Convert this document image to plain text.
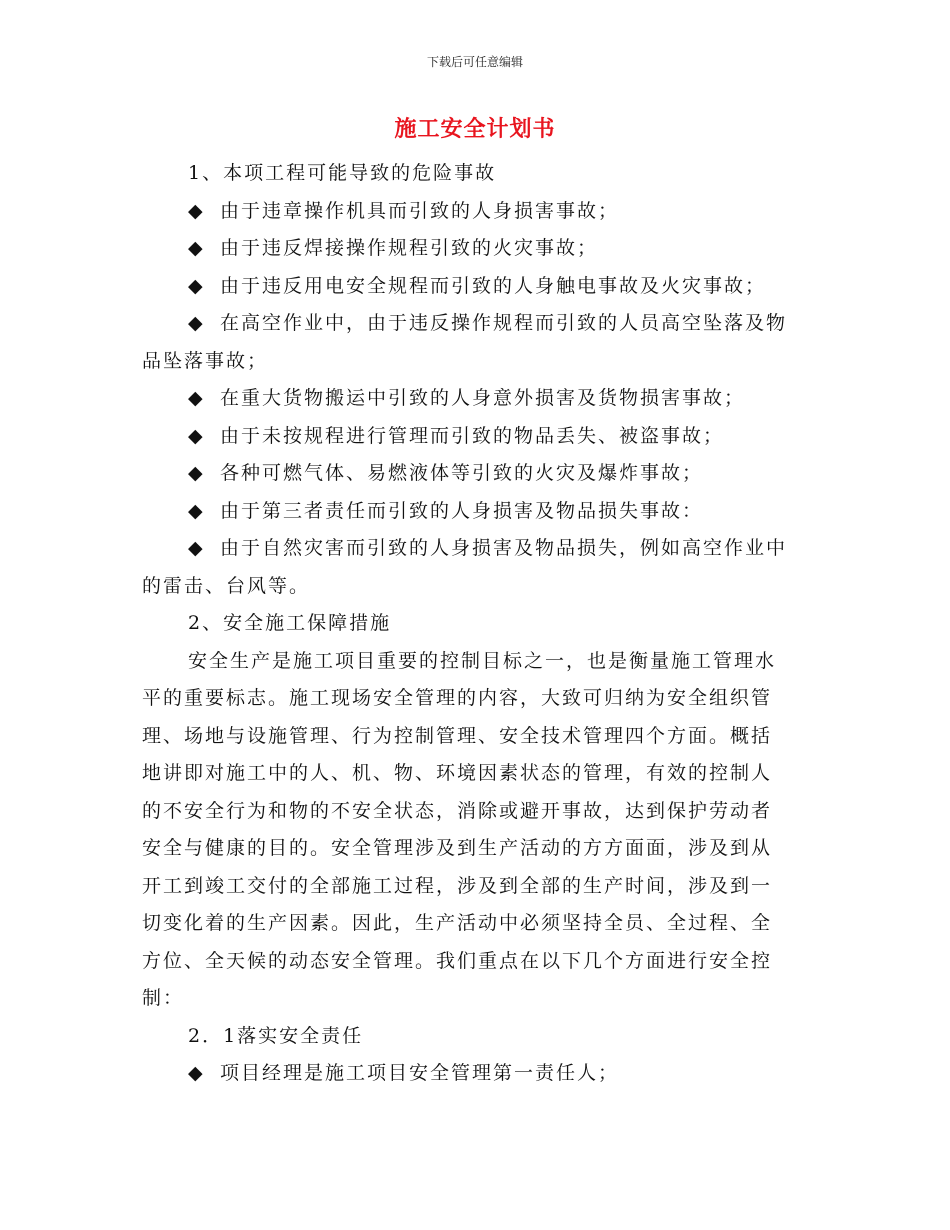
下载后可任意编辑
施工安全计划书
1、本项工程可能导致的危险事故
◆ 由于违章操作机具而引致的人身损害事故；
◆ 由于违反焊接操作规程引致的火灾事故；
◆ 由于违反用电安全规程而引致的人身触电事故及火灾事故；
◆ 在高空作业中，由于违反操作规程而引致的人员高空坠落及物
品坠落事故；
◆ 在重大货物搬运中引致的人身意外损害及货物损害事故；
◆ 由于未按规程进行管理而引致的物品丢失、被盗事故；
◆ 各种可燃气体、易燃液体等引致的火灾及爆炸事故；
◆ 由于第三者责任而引致的人身损害及物品损失事故：
◆ 由于自然灾害而引致的人身损害及物品损失，例如高空作业中
的雷击、台风等。
2、安全施工保障措施
安全生产是施工项目重要的控制目标之一，也是衡量施工管理水
平的重要标志。施工现场安全管理的内容，大致可归纳为安全组织管
理、场地与设施管理、行为控制管理、安全技术管理四个方面。概括
地讲即对施工中的人、机、物、环境因素状态的管理，有效的控制人
的不安全行为和物的不安全状态，消除或避开事故，达到保护劳动者
安全与健康的目的。安全管理涉及到生产活动的方方面面，涉及到从
开工到竣工交付的全部施工过程，涉及到全部的生产时间，涉及到一
切变化着的生产因素。因此，生产活动中必须坚持全员、全过程、全
方位、全天候的动态安全管理。我们重点在以下几个方面进行安全控
制：
2．1落实安全责任
◆ 项目经理是施工项目安全管理第一责任人；
